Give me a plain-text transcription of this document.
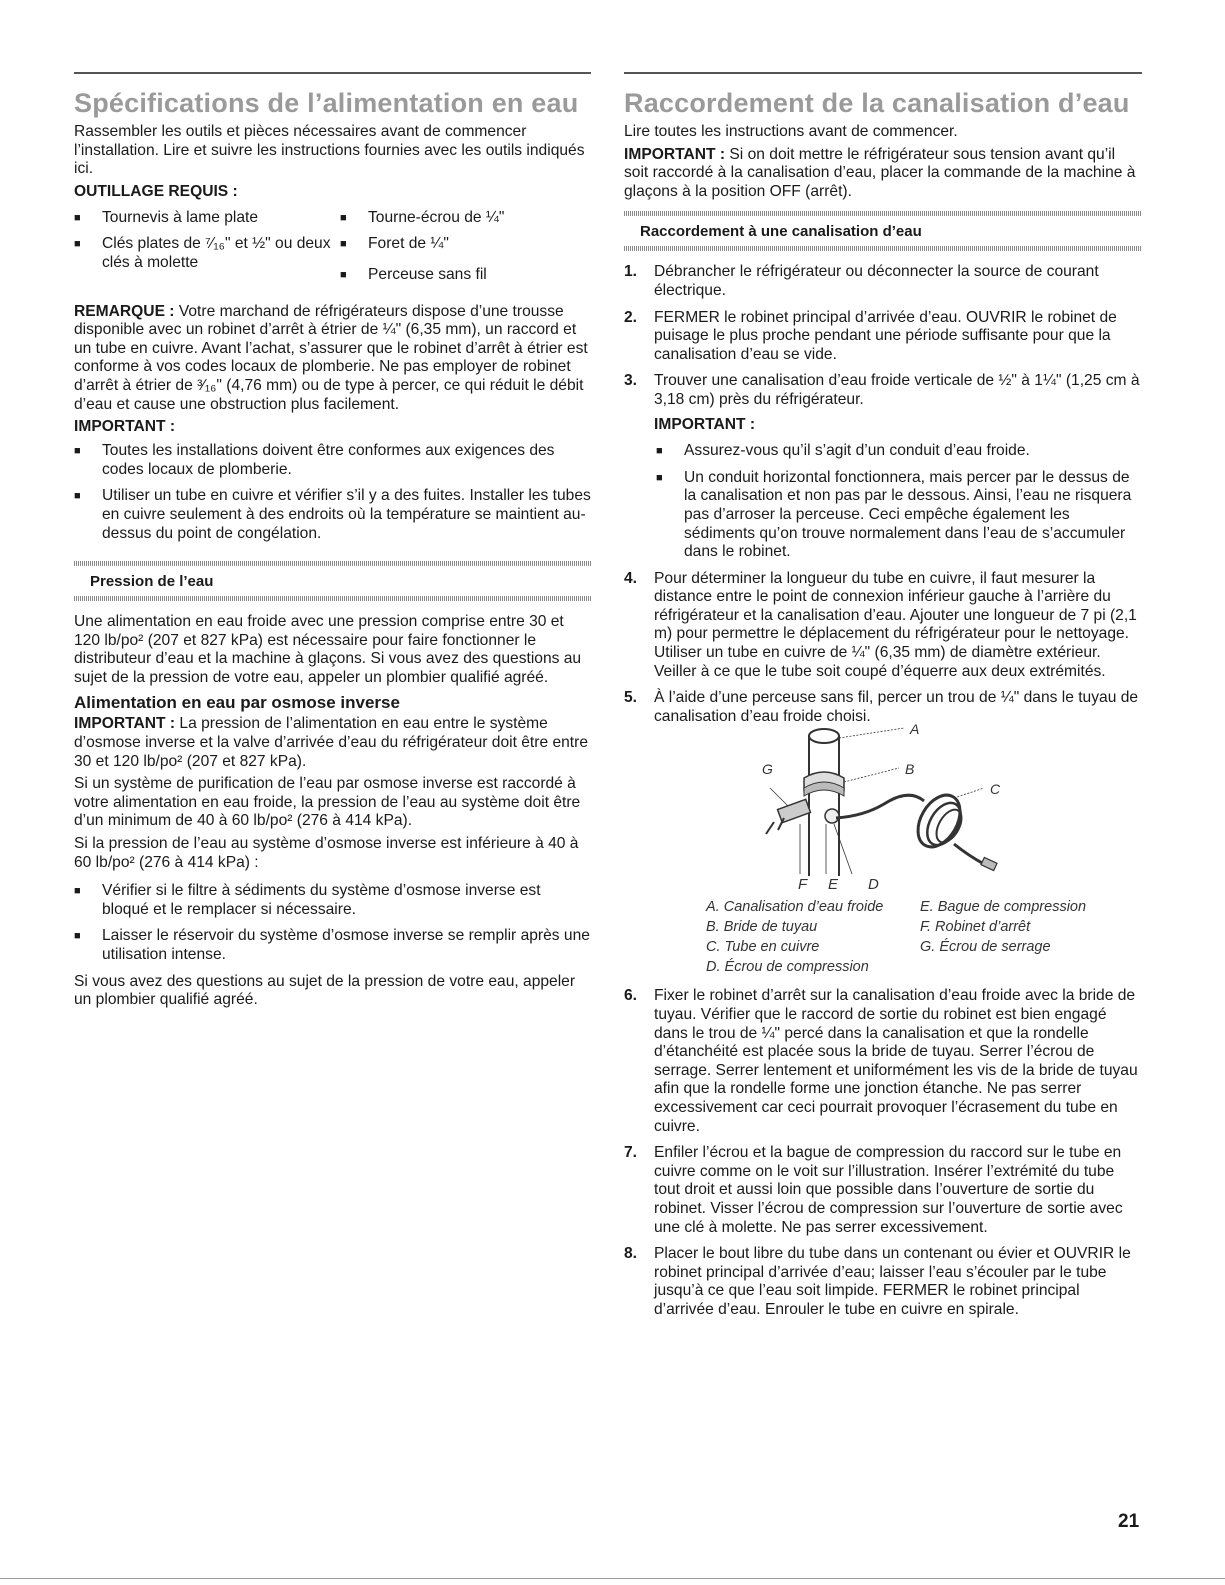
Spécifications de l’alimentation en eau

Rassembler les outils et pièces nécessaires avant de commencer l’installation. Lire et suivre les instructions fournies avec les outils indiqués ici.

OUTILLAGE REQUIS :
■ Tournevis à lame plate
■ Clés plates de ⁷⁄₁₆" et ½" ou deux clés à molette
■ Tourne-écrou de ¼"
■ Foret de ¼"
■ Perceuse sans fil

REMARQUE : Votre marchand de réfrigérateurs dispose d’une trousse disponible avec un robinet d’arrêt à étrier de ¼" (6,35 mm), un raccord et un tube en cuivre. Avant l’achat, s’assurer que le robinet d’arrêt à étrier est conforme à vos codes locaux de plomberie. Ne pas employer de robinet d’arrêt à étrier de ³⁄₁₆" (4,76 mm) ou de type à percer, ce qui réduit le débit d’eau et cause une obstruction plus facilement.

IMPORTANT :
■ Toutes les installations doivent être conformes aux exigences des codes locaux de plomberie.
■ Utiliser un tube en cuivre et vérifier s’il y a des fuites. Installer les tubes en cuivre seulement à des endroits où la température se maintient au-dessus du point de congélation.
Pression de l’eau

Une alimentation en eau froide avec une pression comprise entre 30 et 120 lb/po² (207 et 827 kPa) est nécessaire pour faire fonctionner le distributeur d’eau et la machine à glaçons. Si vous avez des questions au sujet de la pression de votre eau, appeler un plombier qualifié agréé.

Alimentation en eau par osmose inverse

IMPORTANT : La pression de l’alimentation en eau entre le système d’osmose inverse et la valve d’arrivée d’eau du réfrigérateur doit être entre 30 et 120 lb/po² (207 et 827 kPa).

Si un système de purification de l’eau par osmose inverse est raccordé à votre alimentation en eau froide, la pression de l’eau au système doit être d’un minimum de 40 à 60 lb/po² (276 à 414 kPa).

Si la pression de l’eau au système d’osmose inverse est inférieure à 40 à 60 lb/po² (276 à 414 kPa) :

■ Vérifier si le filtre à sédiments du système d’osmose inverse est bloqué et le remplacer si nécessaire.
■ Laisser le réservoir du système d’osmose inverse se remplir après une utilisation intense.

Si vous avez des questions au sujet de la pression de votre eau, appeler un plombier qualifié agréé.

Raccordement de la canalisation d’eau

Lire toutes les instructions avant de commencer.

IMPORTANT : Si on doit mettre le réfrigérateur sous tension avant qu’il soit raccordé à la canalisation d’eau, placer la commande de la machine à glaçons à la position OFF (arrêt).

Raccordement à une canalisation d’eau
1. Débrancher le réfrigérateur ou déconnecter la source de courant électrique.
2. FERMER le robinet principal d’arrivée d’eau. OUVRIR le robinet de puisage le plus proche pendant une période suffisante pour que la canalisation d’eau se vide.
3. Trouver une canalisation d’eau froide verticale de ½" à 1¼" (1,25 cm à 3,18 cm) près du réfrigérateur.
IMPORTANT :
■ Assurez-vous qu’il s’agit d’un conduit d’eau froide.
■ Un conduit horizontal fonctionnera, mais percer par le dessus de la canalisation et non pas par le dessous. Ainsi, l’eau ne risquera pas d’arroser la perceuse. Ceci empêche également les sédiments qu’on trouve normalement dans l’eau de s’accumuler dans le robinet.
4. Pour déterminer la longueur du tube en cuivre, il faut mesurer la distance entre le point de connexion inférieur gauche à l’arrière du réfrigérateur et la canalisation d’eau. Ajouter une longueur de 7 pi (2,1 m) pour permettre le déplacement du réfrigérateur pour le nettoyage. Utiliser un tube en cuivre de ¼" (6,35 mm) de diamètre extérieur. Veiller à ce que le tube soit coupé d’équerre aux deux extrémités.
5. À l’aide d’une perceuse sans fil, percer un trou de ¼" dans le tuyau de canalisation d’eau froide choisi.
A
B
C
G
F E D
A. Canalisation d’eau froide
B. Bride de tuyau
C. Tube en cuivre
D. Écrou de compression
E. Bague de compression
F. Robinet d’arrêt
G. Écrou de serrage
6. Fixer le robinet d’arrêt sur la canalisation d’eau froide avec la bride de tuyau. Vérifier que le raccord de sortie du robinet est bien engagé dans le trou de ¼" percé dans la canalisation et que la rondelle d’étanchéité est placée sous la bride de tuyau. Serrer l’écrou de serrage. Serrer lentement et uniformément les vis de la bride de tuyau afin que la rondelle forme une jonction étanche. Ne pas serrer excessivement car ceci pourrait provoquer l’écrasement du tube en cuivre.
7. Enfiler l’écrou et la bague de compression du raccord sur le tube en cuivre comme on le voit sur l’illustration. Insérer l’extrémité du tube tout droit et aussi loin que possible dans l’ouverture de sortie du robinet. Visser l’écrou de compression sur l’ouverture de sortie avec une clé à molette. Ne pas serrer excessivement.
8. Placer le bout libre du tube dans un contenant ou évier et OUVRIR le robinet principal d’arrivée d’eau; laisser l’eau s’écouler par le tube jusqu’à ce que l’eau soit limpide. FERMER le robinet principal d’arrivée d’eau. Enrouler le tube en cuivre en spirale.
21
